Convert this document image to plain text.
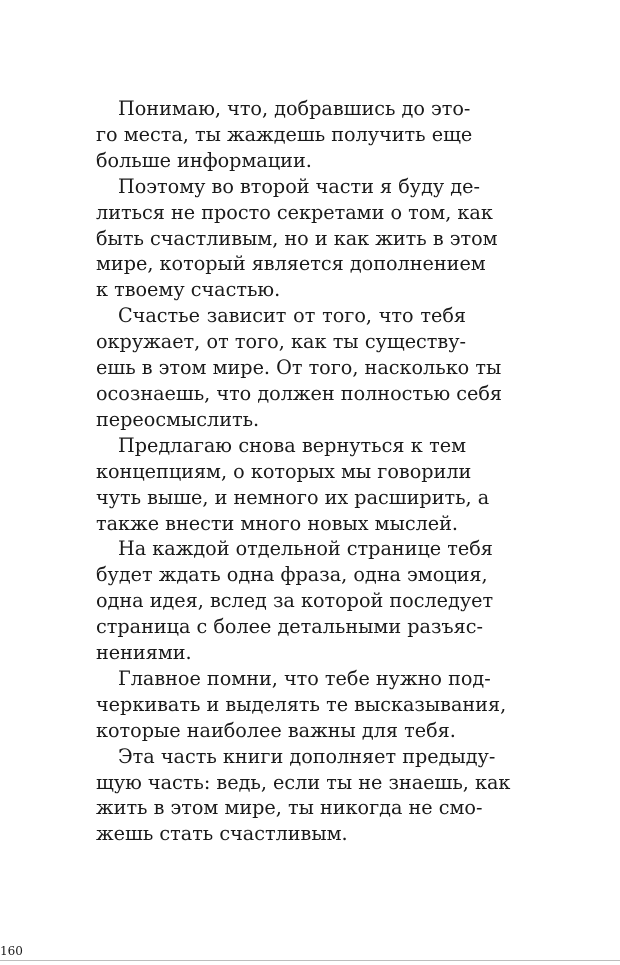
Понимаю, что, добравшись до это-
го места, ты жаждешь получить еще
больше информации.

Поэтому во второй части я буду де-
литься не просто секретами о том, как
быть счастливым, но и как жить в этом
мире, который является дополнением
к твоему счастью.

Счастье зависит от того, что тебя
окружает, от того, как ты существу-
ешь в этом мире. От того, насколько ты
осознаешь, что должен полностью себя
переосмыслить.

Предлагаю снова вернуться к тем
концепциям, о которых мы говорили
чуть выше, и немного их расширить, а
также внести много новых мыслей.

На каждой отдельной странице тебя
будет ждать одна фраза, одна эмоция,
одна идея, вслед за которой последует
страница с более детальными разъяс-
нениями.

Главное помни, что тебе нужно под-
черкивать и выделять те высказывания,
которые наиболее важны для тебя.

Эта часть книги дополняет предыду-
щую часть: ведь, если ты не знаешь, как
жить в этом мире, ты никогда не смо-
жешь стать счастливым.

160
